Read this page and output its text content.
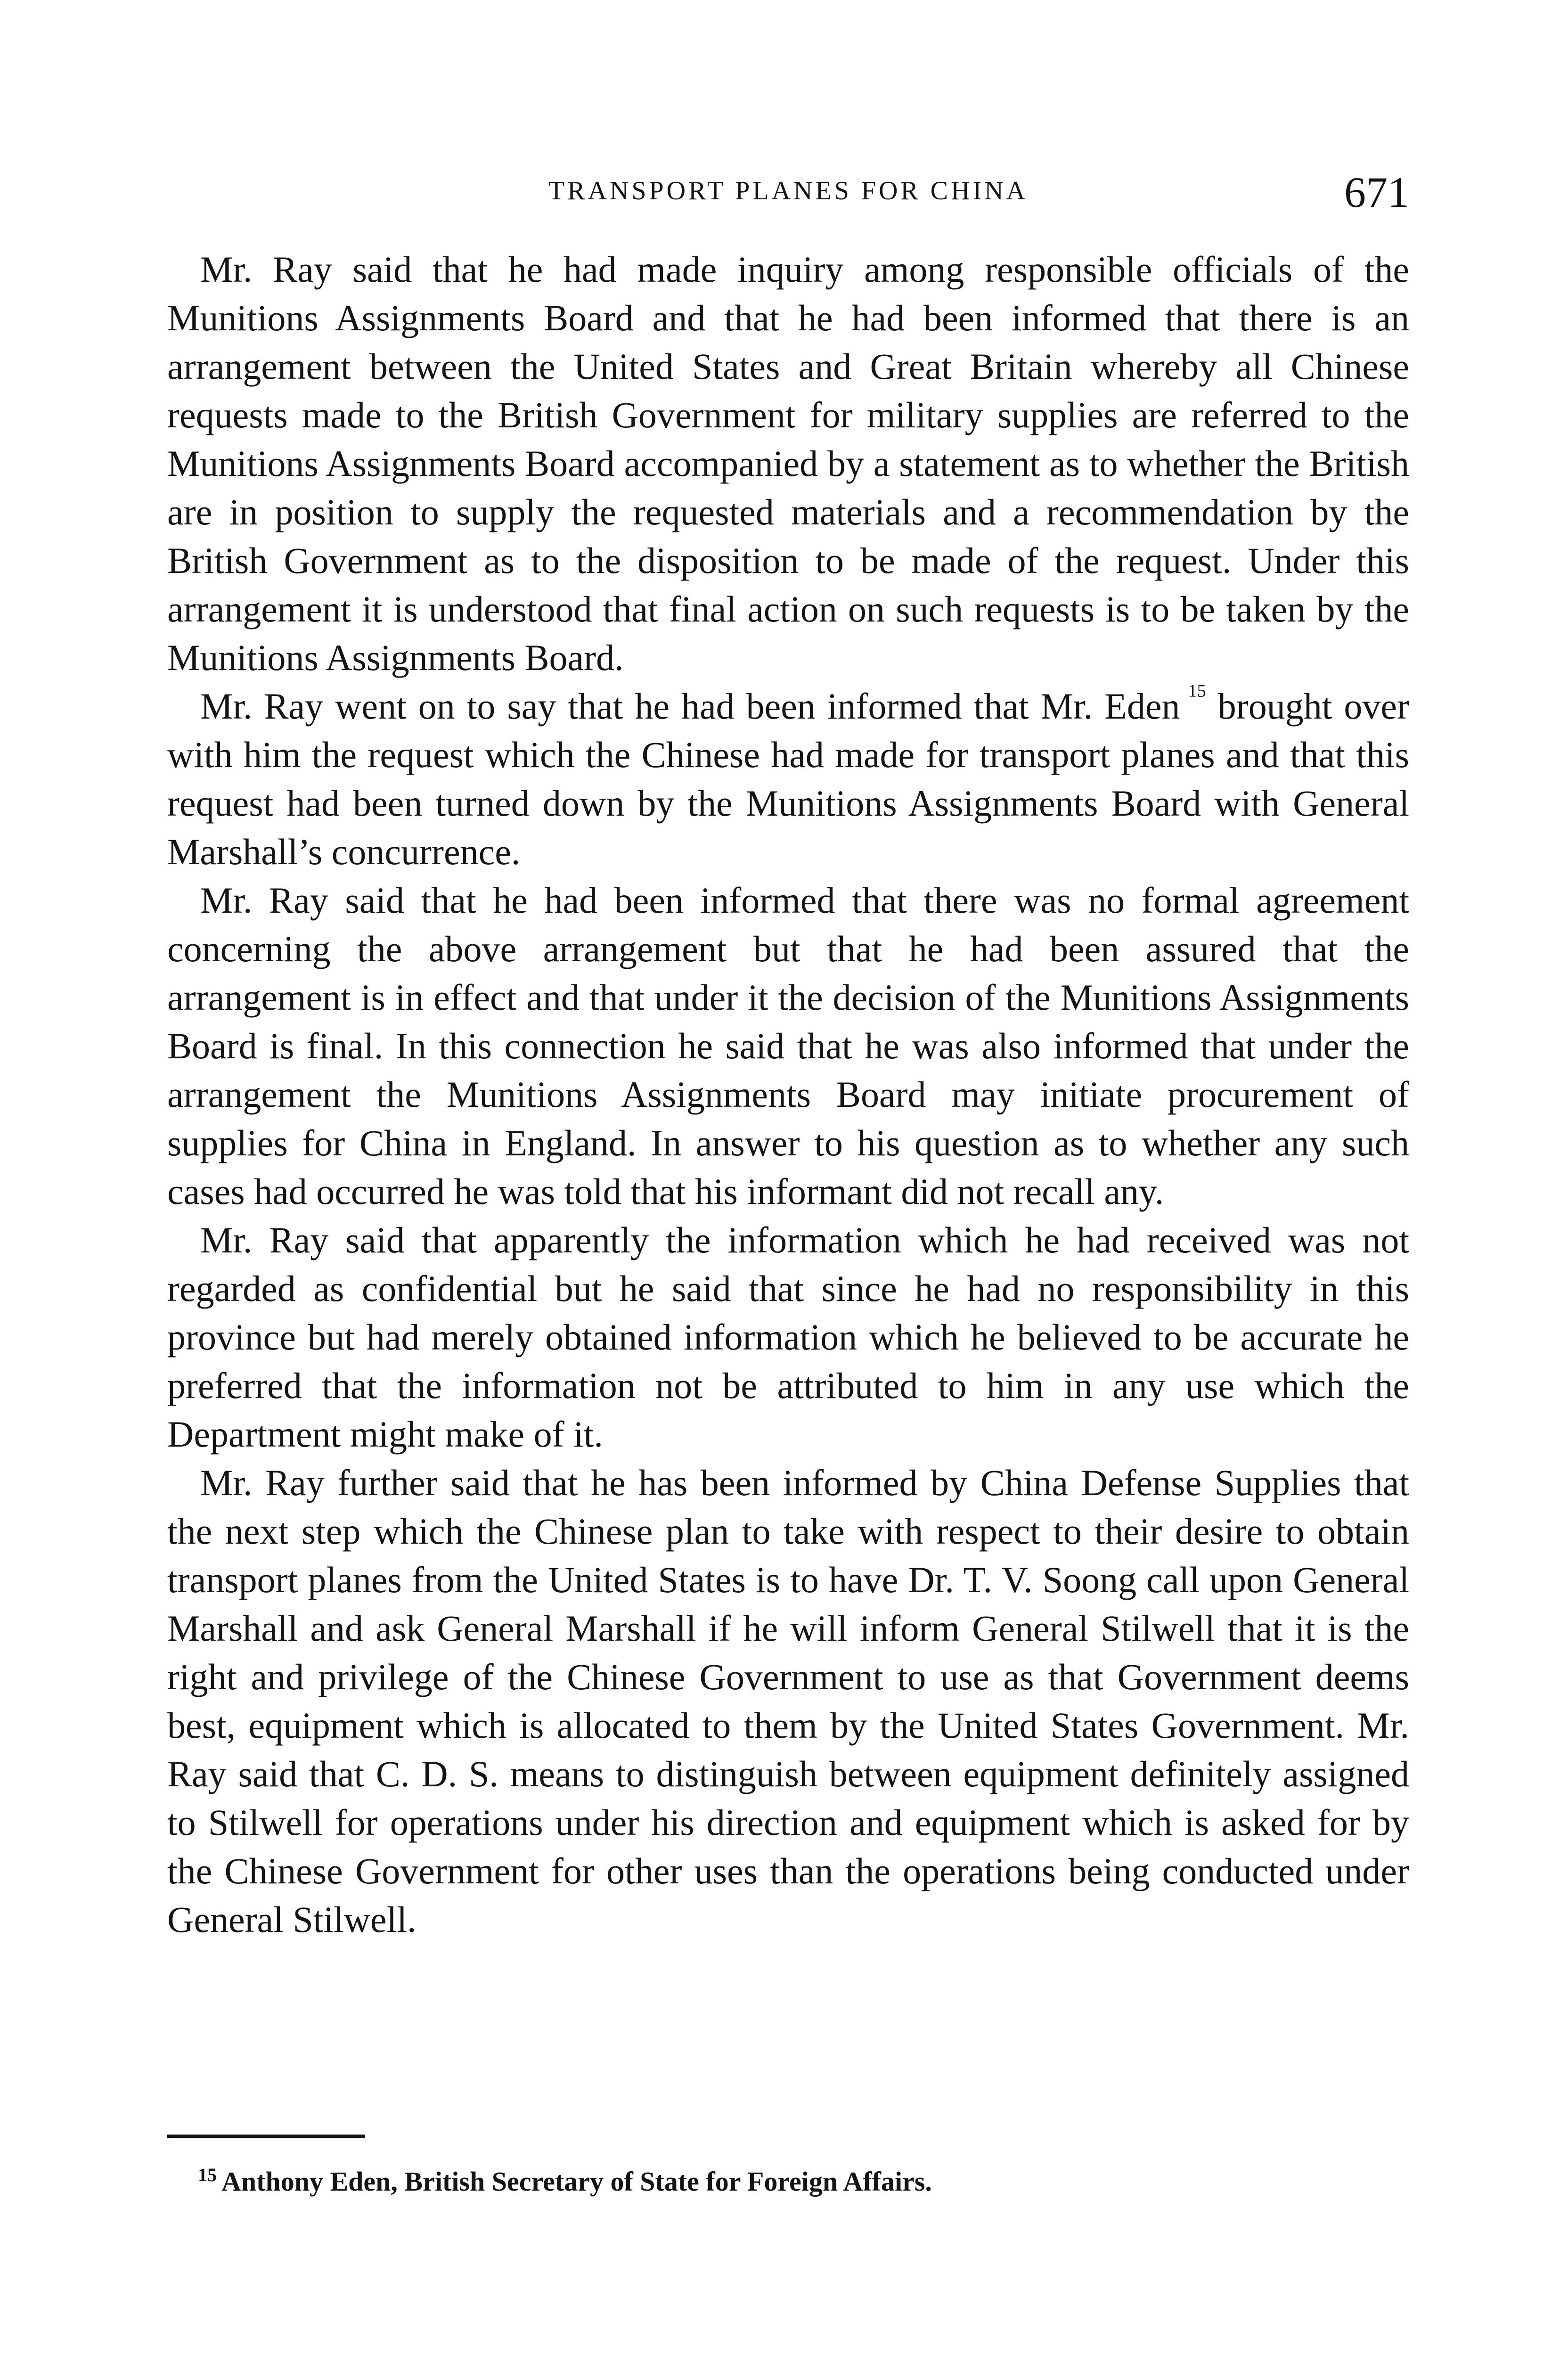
TRANSPORT PLANES FOR CHINA	671

Mr. Ray said that he had made inquiry among responsible officials of the Munitions Assignments Board and that he had been informed that there is an arrangement between the United States and Great Britain whereby all Chinese requests made to the British Government for military supplies are referred to the Munitions Assignments Board accompanied by a statement as to whether the British are in position to supply the requested materials and a recommendation by the British Government as to the disposition to be made of the request. Under this arrangement it is understood that final action on such requests is to be taken by the Munitions Assignments Board.

Mr. Ray went on to say that he had been informed that Mr. Eden $^{^{15}}$ brought over with him the request which the Chinese had made for transport planes and that this request had been turned down by the Munitions Assignments Board with General Marshall’s concurrence.

Mr. Ray said that he had been informed that there was no formal agreement concerning the above arrangement but that he had been assured that the arrangement is in effect and that under it the decision of the Munitions Assignments Board is final. In this connection he said that he was also informed that under the arrangement the Munitions Assignments Board may initiate procurement of supplies for China in England. In answer to his question as to whether any such cases had occurred he was told that his informant did not recall any.

Mr. Ray said that apparently the information which he had received was not regarded as confidential but he said that since he had no responsibility in this province but had merely obtained information which he believed to be accurate he preferred that the information not be attributed to him in any use which the Department might make of it.

Mr. Ray further said that he has been informed by China Defense Supplies that the next step which the Chinese plan to take with respect to their desire to obtain transport planes from the United States is to have Dr. T. V. Soong call upon General Marshall and ask General Marshall if he will inform General Stilwell that it is the right and privilege of the Chinese Government to use as that Government deems best, equipment which is allocated to them by the United States Government. Mr. Ray said that C. D. S. means to distinguish between equipment definitely assigned to Stilwell for operations under his direction and equipment which is asked for by the Chinese Government for other uses than the operations being conducted under General Stilwell.

$^{15}$ Anthony Eden, British Secretary of State for Foreign Affairs.
